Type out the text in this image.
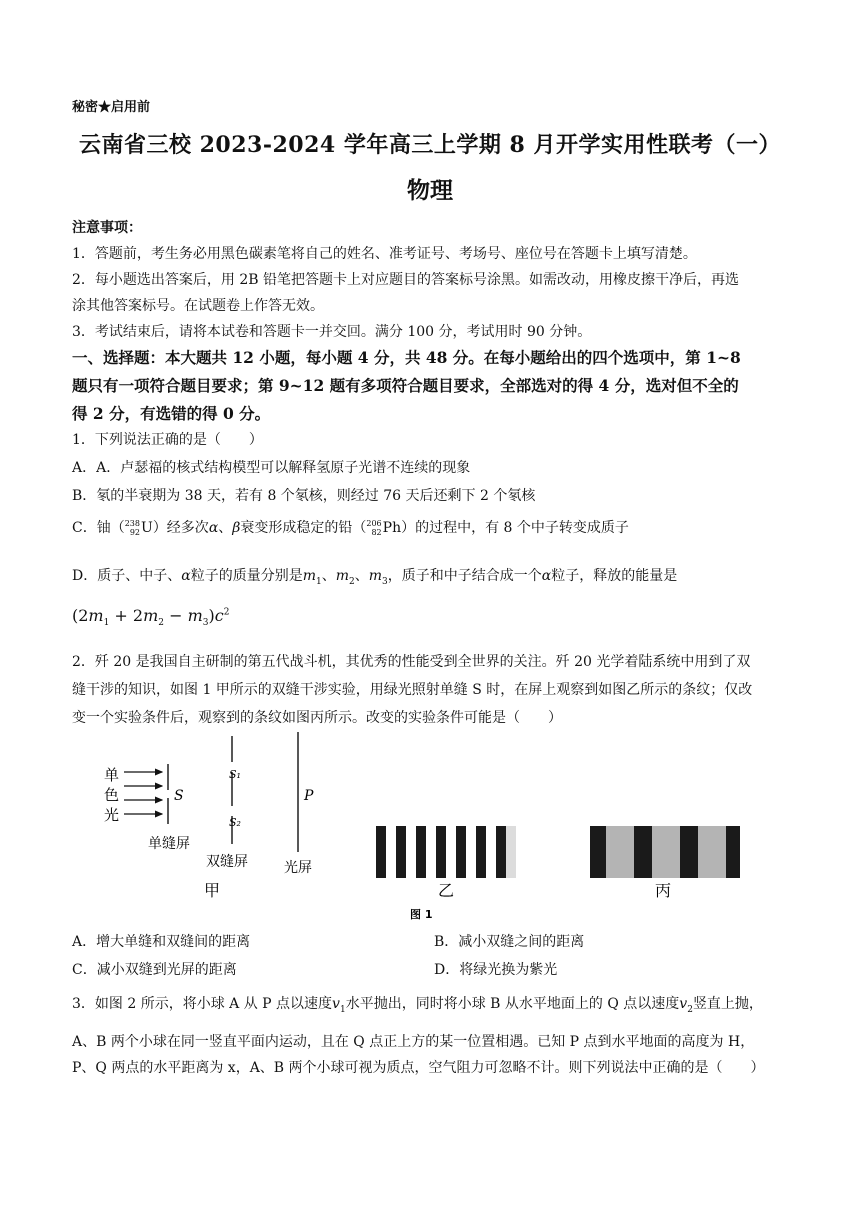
秘密★启用前
云南省三校 2023-2024 学年高三上学期 8 月开学实用性联考（一）
物理
注意事项：
1．答题前，考生务必用黑色碳素笔将自己的姓名、准考证号、考场号、座位号在答题卡上填写清楚。
2．每小题选出答案后，用 2B 铅笔把答题卡上对应题目的答案标号涂黑。如需改动，用橡皮擦干净后，再选
涂其他答案标号。在试题卷上作答无效。
3．考试结束后，请将本试卷和答题卡一并交回。满分 100 分，考试用时 90 分钟。
一、选择题：本大题共 12 小题，每小题 4 分，共 48 分。在每小题给出的四个选项中，第 1~8
题只有一项符合题目要求；第 9~12 题有多项符合题目要求，全部选对的得 4 分，选对但不全的
得 2 分，有选错的得 0 分。
1．下列说法正确的是（　　）
A．A．卢瑟福的核式结构模型可以解释氢原子光谱不连续的现象
B．氡的半衰期为 38 天，若有 8 个氡核，则经过 76 天后还剩下 2 个氡核
C．铀（238
92U）经多次α、β衰变形成稳定的铅（206
82Ph）的过程中，有 8 个中子转变成质子
D．质子、中子、α粒子的质量分别是$m_1$、$m_2$、$m_3$，质子和中子结合成一个α粒子，释放的能量是
$(2m_1 + 2m_2 - m_3)c^2$
2．歼 20 是我国自主研制的第五代战斗机，其优秀的性能受到全世界的关注。歼 20 光学着陆系统中用到了双
缝干涉的知识，如图 1 甲所示的双缝干涉实验，用绿光照射单缝 S 时，在屏上观察到如图乙所示的条纹；仅改
变一个实验条件后，观察到的条纹如图丙所示。改变的实验条件可能是（　　）
单
色
光
S
单缝屏
S₁
S₂
双缝屏
P
光屏
甲	乙	丙
图 1
A．增大单缝和双缝间的距离	B．减小双缝之间的距离
C．减小双缝到光屏的距离	D．将绿光换为紫光
3．如图 2 所示，将小球 A 从 P 点以速度$v_1$水平抛出，同时将小球 B 从水平地面上的 Q 点以速度$v_2$竖直上抛，
A、B 两个小球在同一竖直平面内运动，且在 Q 点正上方的某一位置相遇。已知 P 点到水平地面的高度为 H，
P、Q 两点的水平距离为 x，A、B 两个小球可视为质点，空气阻力可忽略不计。则下列说法中正确的是（　　）
